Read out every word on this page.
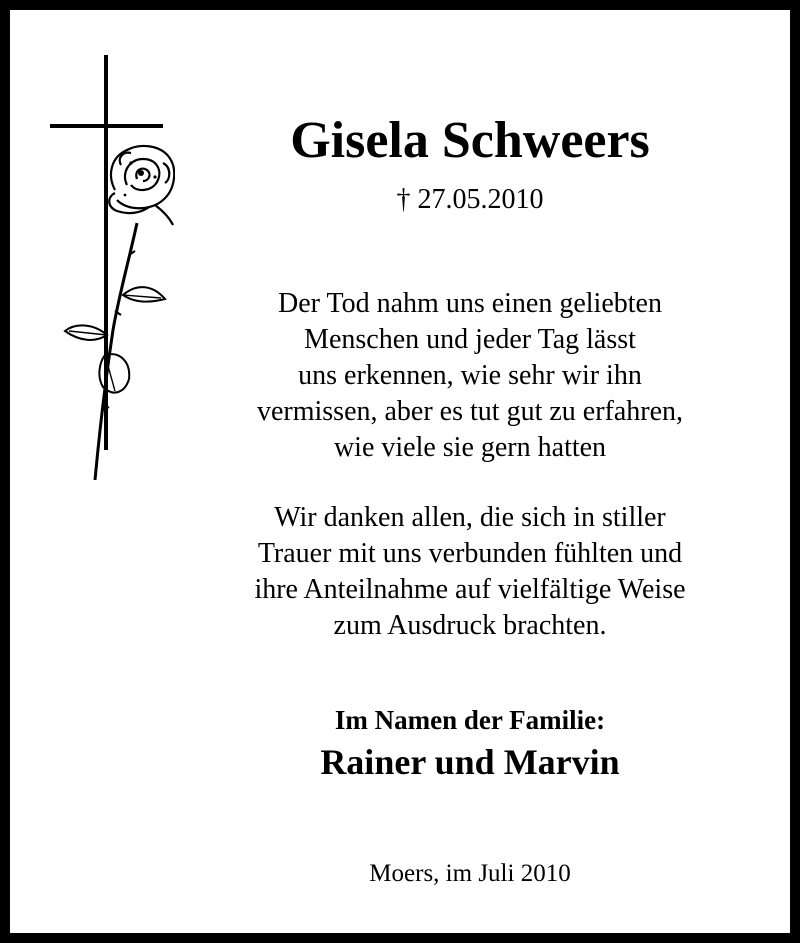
Gisela Schweers
† 27.05.2010
Der Tod nahm uns einen geliebten
Menschen und jeder Tag lässt
uns erkennen, wie sehr wir ihn
vermissen, aber es tut gut zu erfahren,
wie viele sie gern hatten
Wir danken allen, die sich in stiller
Trauer mit uns verbunden fühlten und
ihre Anteilnahme auf vielfältige Weise
zum Ausdruck brachten.
Im Namen der Familie:
Rainer und Marvin
Moers, im Juli 2010
